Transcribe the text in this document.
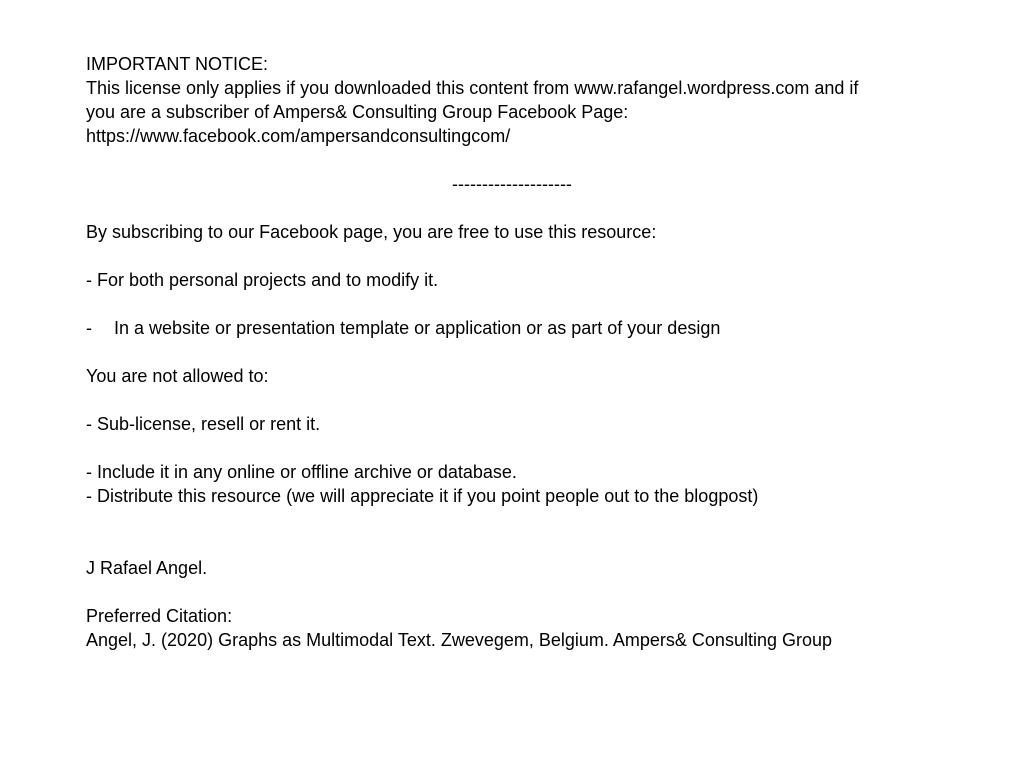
IMPORTANT NOTICE:
This license only applies if you downloaded this content from www.rafangel.wordpress.com and if
you are a subscriber of Ampers& Consulting Group Facebook Page:
https://www.facebook.com/ampersandconsultingcom/
--------------------
By subscribing to our Facebook page, you are free to use this resource:
- For both personal projects and to modify it.
- In a website or presentation template or application or as part of your design
You are not allowed to:
- Sub-license, resell or rent it.
- Include it in any online or offline archive or database.
- Distribute this resource (we will appreciate it if you point people out to the blogpost)
J Rafael Angel.
Preferred Citation:
Angel, J. (2020) Graphs as Multimodal Text. Zwevegem, Belgium. Ampers& Consulting Group
